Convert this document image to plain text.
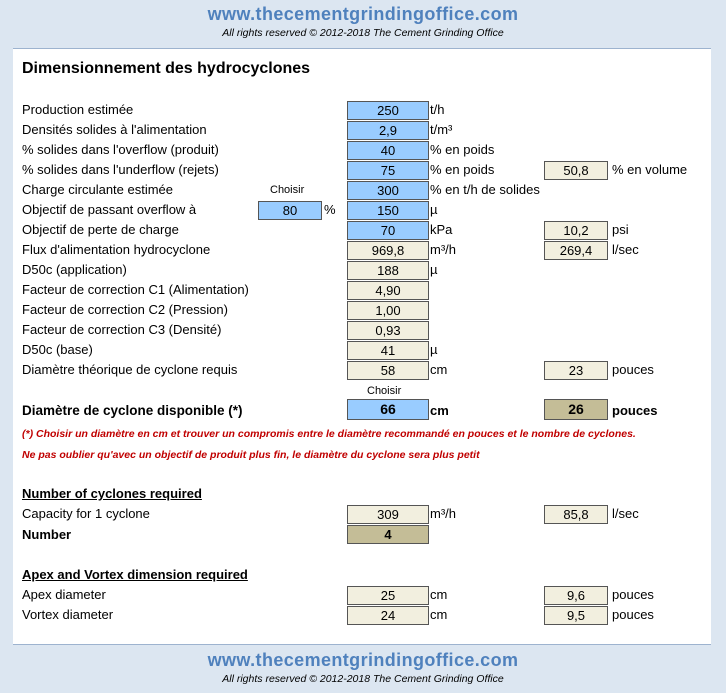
www.thecementgrindingoffice.com
All rights reserved © 2012-2018 The Cement Grinding Office
Dimensionnement des hydrocyclones
Production estimée	250	t/h
Densités solides à l'alimentation	2,9	t/m³
% solides dans l'overflow (produit)	40	% en poids
% solides dans l'underflow (rejets)	75	% en poids	50,8	% en volume
Charge circulante estimée	Choisir	300	% en t/h de solides
Objectif de passant overflow à	80	%	150	µ
Objectif de perte de charge	70	kPa	10,2	psi
Flux d'alimentation hydrocyclone	969,8	m³/h	269,4	l/sec
D50c (application)	188	µ
Facteur de correction C1 (Alimentation)	4,90
Facteur de correction C2 (Pression)	1,00
Facteur de correction C3 (Densité)	0,93
D50c (base)	41	µ
Diamètre théorique de cyclone requis	58	cm	23	pouces
Choisir
Diamètre de cyclone disponible (*)	66	cm	26	pouces
(*) Choisir un diamètre en cm et trouver un compromis entre le diamètre recommandé en pouces et le nombre de cyclones.
Ne pas oublier qu'avec un objectif de produit plus fin, le diamètre du cyclone sera plus petit
Number of cyclones required
Capacity for 1 cyclone	309	m³/h	85,8	l/sec
Number	4
Apex and Vortex dimension required
Apex diameter	25	cm	9,6	pouces
Vortex diameter	24	cm	9,5	pouces
www.thecementgrindingoffice.com
All rights reserved © 2012-2018 The Cement Grinding Office
